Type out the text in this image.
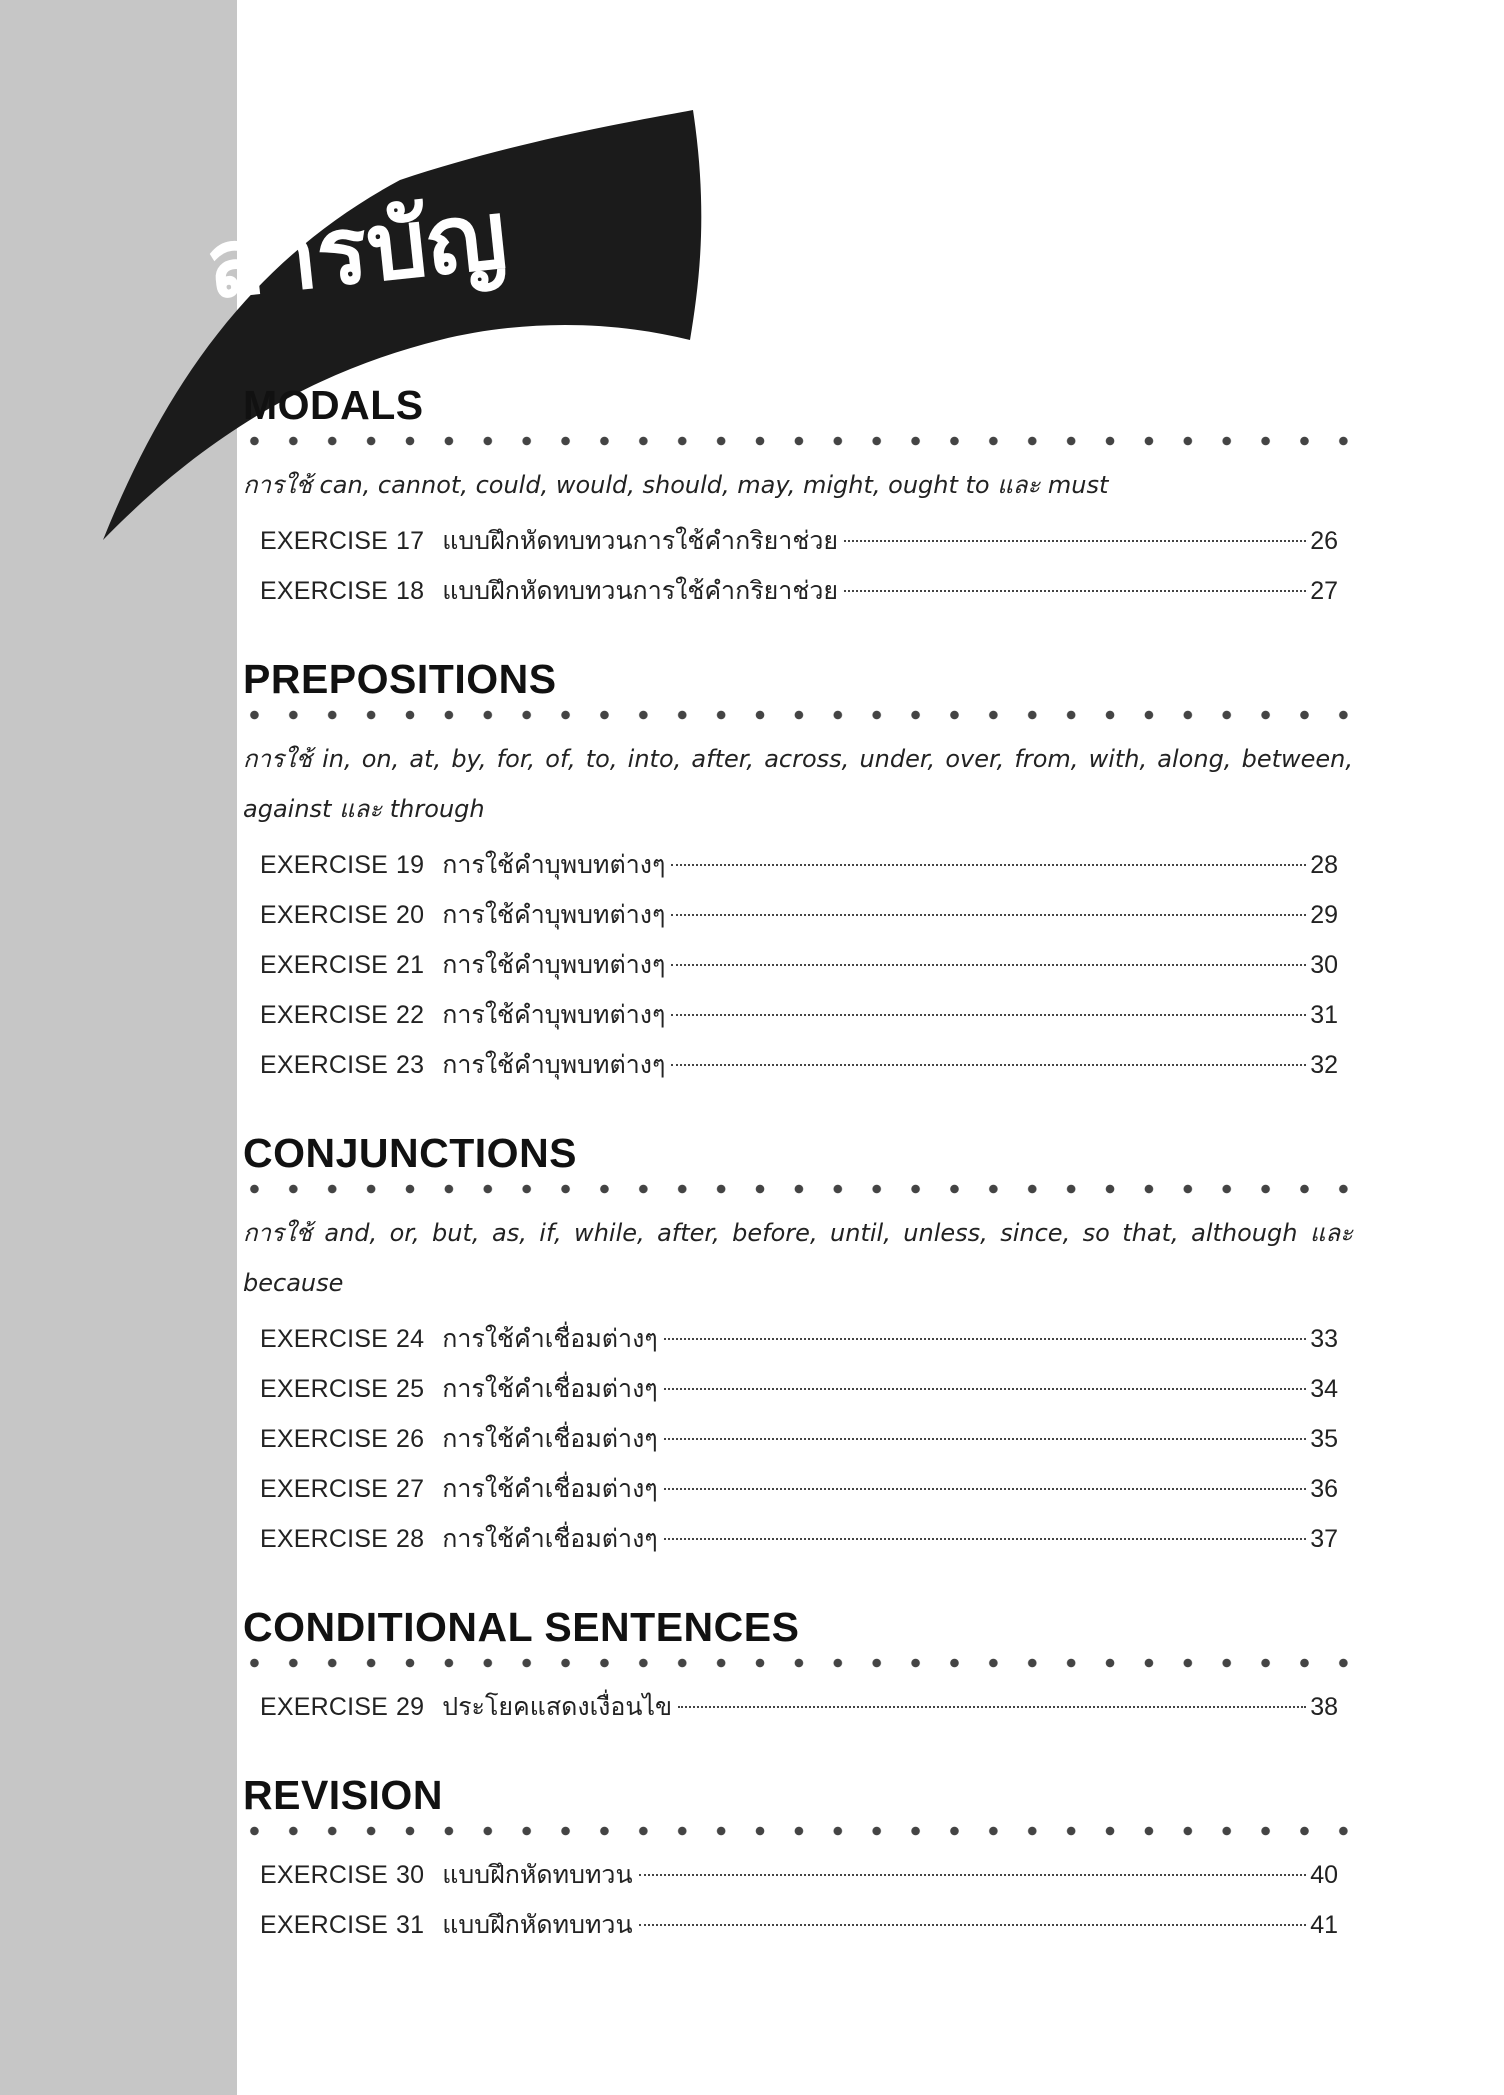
สารบัญ
MODALS

การใช้ can, cannot, could, would, should, may, might, ought to และ must

EXERCISE 17 แบบฝึกหัดทบทวนการใช้คำกริยาช่วย	26
EXERCISE 18 แบบฝึกหัดทบทวนการใช้คำกริยาช่วย	27
PREPOSITIONS

การใช้ in, on, at, by, for, of, to, into, after, across, under, over, from, with, along, between, against และ through

EXERCISE 19 การใช้คำบุพบทต่างๆ	28
EXERCISE 20 การใช้คำบุพบทต่างๆ	29
EXERCISE 21 การใช้คำบุพบทต่างๆ	30
EXERCISE 22 การใช้คำบุพบทต่างๆ	31
EXERCISE 23 การใช้คำบุพบทต่างๆ	32
CONJUNCTIONS

การใช้ and, or, but, as, if, while, after, before, until, unless, since, so that, although และ because

EXERCISE 24 การใช้คำเชื่อมต่างๆ	33
EXERCISE 25 การใช้คำเชื่อมต่างๆ	34
EXERCISE 26 การใช้คำเชื่อมต่างๆ	35
EXERCISE 27 การใช้คำเชื่อมต่างๆ	36
EXERCISE 28 การใช้คำเชื่อมต่างๆ	37
CONDITIONAL SENTENCES
EXERCISE 29 ประโยคแสดงเงื่อนไข	38
REVISION
EXERCISE 30 แบบฝึกหัดทบทวน	40
EXERCISE 31 แบบฝึกหัดทบทวน	41
